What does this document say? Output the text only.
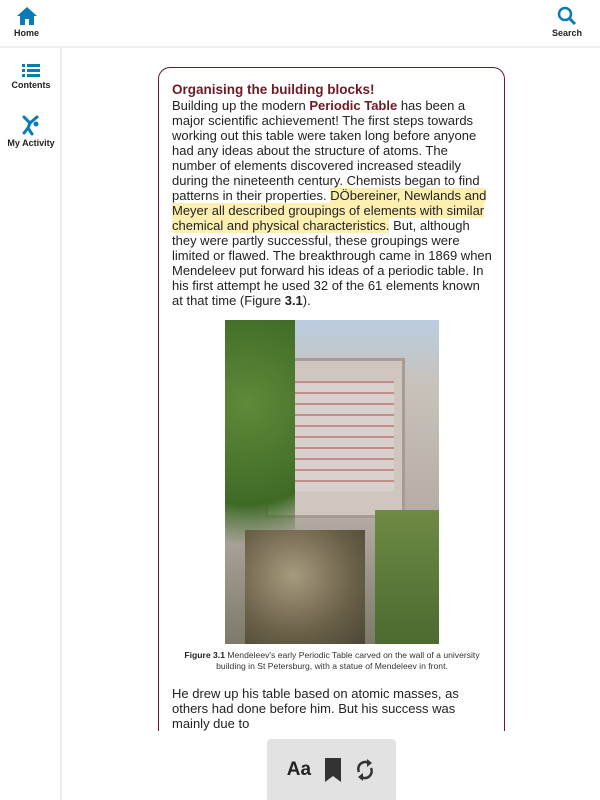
Home	Search
Contents
My Activity
Organising the building blocks!

Building up the modern Periodic Table has been a major scientific achievement! The first steps towards working out this table were taken long before anyone had any ideas about the structure of atoms. The number of elements discovered increased steadily during the nineteenth century. Chemists began to find patterns in their properties. DÖbereiner, Newlands and Meyer all described groupings of elements with similar chemical and physical characteristics. But, although they were partly successful, these groupings were limited or flawed. The breakthrough came in 1869 when Mendeleev put forward his ideas of a periodic table. In his first attempt he used 32 of the 61 elements known at that time (Figure 3.1).

Figure 3.1 Mendeleev's early Periodic Table carved on the wall of a university building in St Petersburg, with a statue of Mendeleev in front.

He drew up his table based on atomic masses, as others had done before him. But his success was mainly due to

Aa
